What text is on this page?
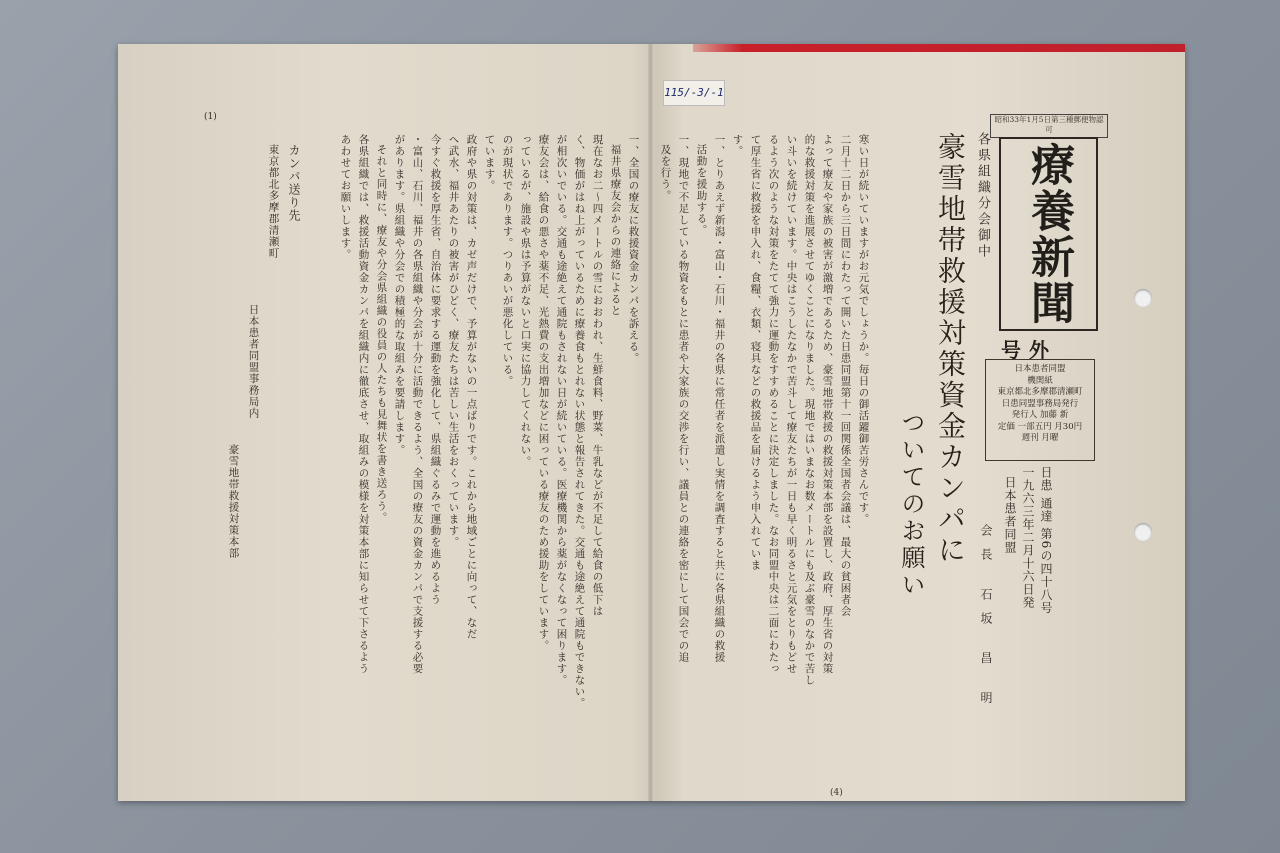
(1)	昭和33年1月5日第三種郵便物認可
療養新聞
号外
日本患者同盟
機関紙
東京都北多摩郡清瀬町
日患同盟事務局発行
発行人 加藤 新
定価 一部五円 月30円
週刊 月曜
日患 通達 第6の四十八号
一九六三年二月十六日発
日本患者同盟
会長 石坂 昌 明
豪雪地帯救援対策資金カンパに
ついてのお願い
各県組織分会御中
115/-3/-1
寒い日が続いていますがお元気でしょうか。毎日の御活躍御苦労さんです。
二月十二日から三日間にわたって開いた日患同盟第十一回関係全国者会議は、最大の貧困者会
よって療友や家族の被害が激増であるため、豪雪地帯救援の救援対策本部を設置し、政府、厚生省の対策
的な救援対策を進展させてゆくことになりました。現地ではいまなお数メートルにも及ぶ豪雪のなかで苦し
い斗いを続けています。中央はこうしたなかで苦斗して療友たちが一日も早く明るさと元気をとりもどせ
るよう次のような対策をたてて強力に運動をすすめることに決定しました。なお同盟中央は二面にわたっ
て厚生省に救援を申入れ、食糧、衣類、寝具などの救援品を届けるよう申入れていま
す。
一、とりあえず新潟・富山・石川・福井の各県に常任者を派遣し実情を調査すると共に各県組織の救援
活動を援助する。
一、現地で不足している物資をもとに患者や大家族の交渉を行い、議員との連絡を密にして国会での追
及を行う。
一、全国の療友に救援資金カンパを訴える。
福井県療友会からの連絡によると
現在なお二〜四メートルの雪におおわれ、生鮮食料、野菜、牛乳などが不足して給食の低下は
く、物価がはね上がっているために療養食もとれない状態と報告されてきた。交通も途絶えて通院もできない。
が相次いでいる。交通も途絶えて通院もされない日が続いている。医療機関から薬がなくなって困ります。
療友会は、給食の悪さや薬不足、光熱費の支出増加などに困っている療友のため援助をしています。
っているが、施設や県は予算がないと口実に協力してくれない。
のが現状であります。つりあいが悪化している。
ています。
政府や県の対策は、カゼ声だけで、予算がないの一点ばりです。これから地域ごとに向って、なだ
へ武水、福井あたりの被害がひどく、療友たちは苦しい生活をおくっています。
今すぐ救援を厚生省、自治体に要求する運動を強化して、県組織ぐるみで運動を進めるよう
・富山、石川、福井の各県組織や分会が十分に活動できるよう、全国の療友の資金カンパで支援する必要
があります。県組織や分会での積極的な取組みを要請します。
それと同時に、療友や分会県組織の役員の人たちも見舞状を書き送ろう。
各県組織では、救援活動資金カンパを組織内に徹底させ、取組みの模様を対策本部に知らせて下さるよう
あわせてお願いします。
カンパ送り先
東京都北多摩郡清瀬町
日本患者同盟事務局内
豪雪地帯救援対策本部
(4)
